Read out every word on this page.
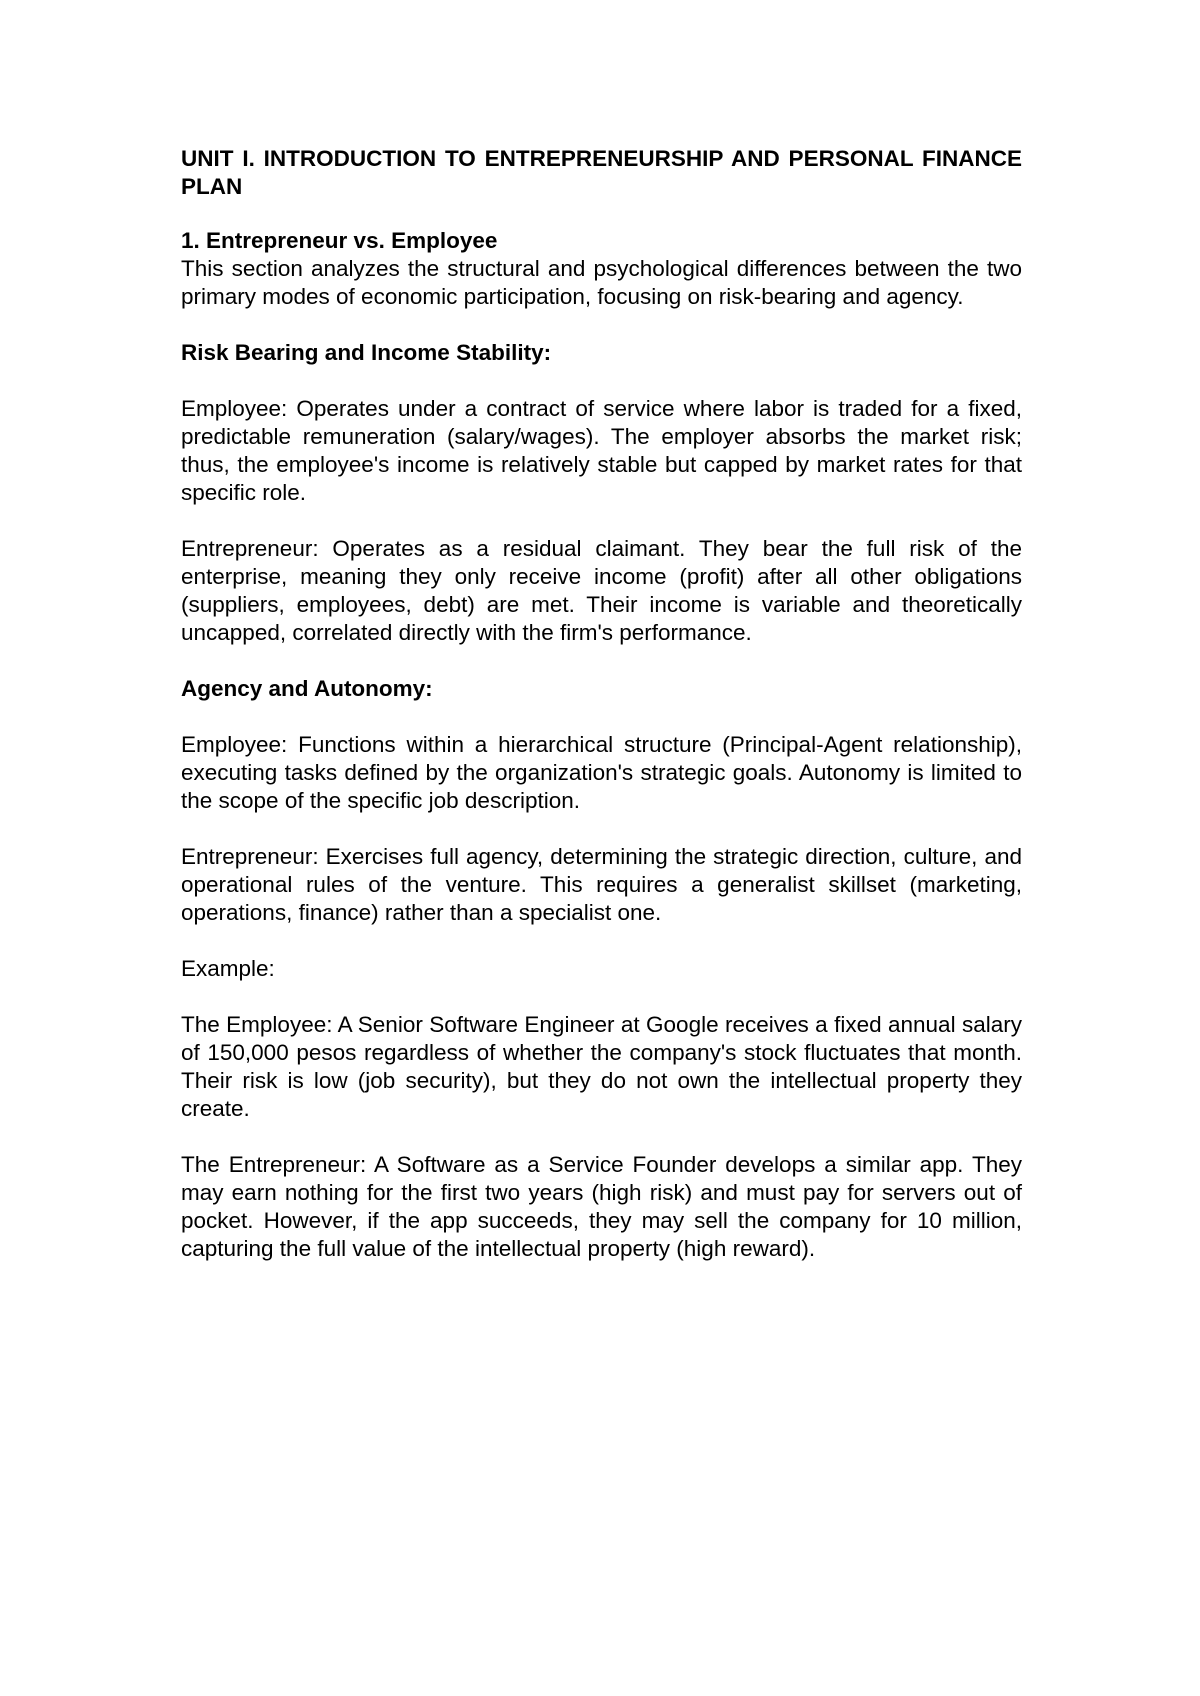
UNIT I. INTRODUCTION TO ENTREPRENEURSHIP AND PERSONAL FINANCE PLAN
1. Entrepreneur vs. Employee

This section analyzes the structural and psychological differences between the two primary modes of economic participation, focusing on risk-bearing and agency.

Risk Bearing and Income Stability:

Employee: Operates under a contract of service where labor is traded for a fixed, predictable remuneration (salary/wages). The employer absorbs the market risk; thus, the employee's income is relatively stable but capped by market rates for that specific role.

Entrepreneur: Operates as a residual claimant. They bear the full risk of the enterprise, meaning they only receive income (profit) after all other obligations (suppliers, employees, debt) are met. Their income is variable and theoretically uncapped, correlated directly with the firm's performance.

Agency and Autonomy:

Employee: Functions within a hierarchical structure (Principal-Agent relationship), executing tasks defined by the organization's strategic goals. Autonomy is limited to the scope of the specific job description.

Entrepreneur: Exercises full agency, determining the strategic direction, culture, and operational rules of the venture. This requires a generalist skillset (marketing, operations, finance) rather than a specialist one.

Example:

The Employee: A Senior Software Engineer at Google receives a fixed annual salary of 150,000 pesos regardless of whether the company's stock fluctuates that month. Their risk is low (job security), but they do not own the intellectual property they create.

The Entrepreneur: A Software as a Service Founder develops a similar app. They may earn nothing for the first two years (high risk) and must pay for servers out of pocket. However, if the app succeeds, they may sell the company for 10 million, capturing the full value of the intellectual property (high reward).
